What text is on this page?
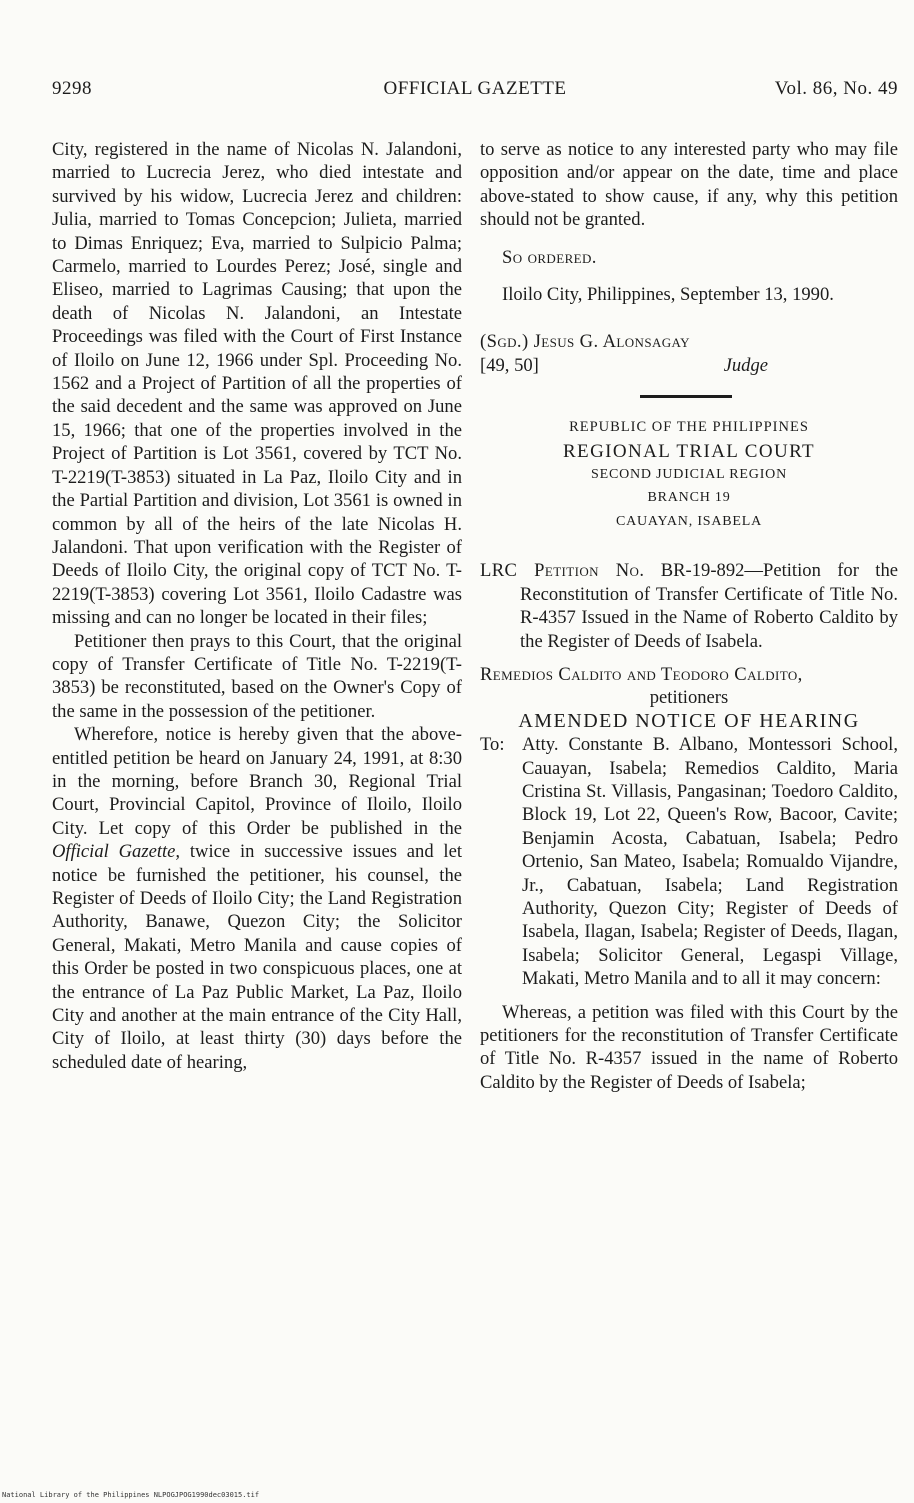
9298	OFFICIAL GAZETTE	Vol. 86, No. 49

City, registered in the name of Nicolas N. Jalandoni, married to Lucrecia Jerez, who died intestate and survived by his widow, Lucrecia Jerez and children: Julia, married to Tomas Concepcion; Julieta, married to Dimas Enriquez; Eva, married to Sulpicio Palma; Carmelo, married to Lourdes Perez; José, single and Eliseo, married to Lagrimas Causing; that upon the death of Nicolas N. Jalandoni, an Intestate Proceedings was filed with the Court of First Instance of Iloilo on June 12, 1966 under Spl. Proceeding No. 1562 and a Project of Partition of all the properties of the said decedent and the same was approved on June 15, 1966; that one of the properties involved in the Project of Partition is Lot 3561, covered by TCT No. T-2219(T-3853) situated in La Paz, Iloilo City and in the Partial Partition and division, Lot 3561 is owned in common by all of the heirs of the late Nicolas H. Jalandoni. That upon verification with the Register of Deeds of Iloilo City, the original copy of TCT No. T-2219(T-3853) covering Lot 3561, Iloilo Cadastre was missing and can no longer be located in their files;

Petitioner then prays to this Court, that the original copy of Transfer Certificate of Title No. T-2219(T-3853) be reconstituted, based on the Owner's Copy of the same in the possession of the petitioner.

Wherefore, notice is hereby given that the above-entitled petition be heard on January 24, 1991, at 8:30 in the morning, before Branch 30, Regional Trial Court, Provincial Capitol, Province of Iloilo, Iloilo City. Let copy of this Order be published in the Official Gazette, twice in successive issues and let notice be furnished the petitioner, his counsel, the Register of Deeds of Iloilo City; the Land Registration Authority, Banawe, Quezon City; the Solicitor General, Makati, Metro Manila and cause copies of this Order be posted in two conspicuous places, one at the entrance of La Paz Public Market, La Paz, Iloilo City and another at the main entrance of the City Hall, City of Iloilo, at least thirty (30) days before the scheduled date of hearing,

to serve as notice to any interested party who may file opposition and/or appear on the date, time and place above-stated to show cause, if any, why this petition should not be granted.

So ordered.

Iloilo City, Philippines, September 13, 1990.

(Sgd.) Jesus G. Alonsagay

[49, 50]	Judge

REPUBLIC OF THE PHILIPPINES

REGIONAL TRIAL COURT

SECOND JUDICIAL REGION

BRANCH 19

CAUAYAN, ISABELA

LRC Petition No. BR-19-892—Petition for the Reconstitution of Transfer Certificate of Title No. R-4357 Issued in the Name of Roberto Caldito by the Register of Deeds of Isabela.

Remedios Caldito and Teodoro Caldito,

petitioners

AMENDED NOTICE OF HEARING

To: Atty. Constante B. Albano, Montessori School, Cauayan, Isabela; Remedios Caldito, Maria Cristina St. Villasis, Pangasinan; Toedoro Caldito, Block 19, Lot 22, Queen's Row, Bacoor, Cavite; Benjamin Acosta, Cabatuan, Isabela; Pedro Ortenio, San Mateo, Isabela; Romualdo Vijandre, Jr., Cabatuan, Isabela; Land Registration Authority, Quezon City; Register of Deeds of Isabela, Ilagan, Isabela; Register of Deeds, Ilagan, Isabela; Solicitor General, Legaspi Village, Makati, Metro Manila and to all it may concern:

Whereas, a petition was filed with this Court by the petitioners for the reconstitution of Transfer Certificate of Title No. R-4357 issued in the name of Roberto Caldito by the Register of Deeds of Isabela;

National Library of the Philippines NLPOGJPOG1990dec03015.tif
